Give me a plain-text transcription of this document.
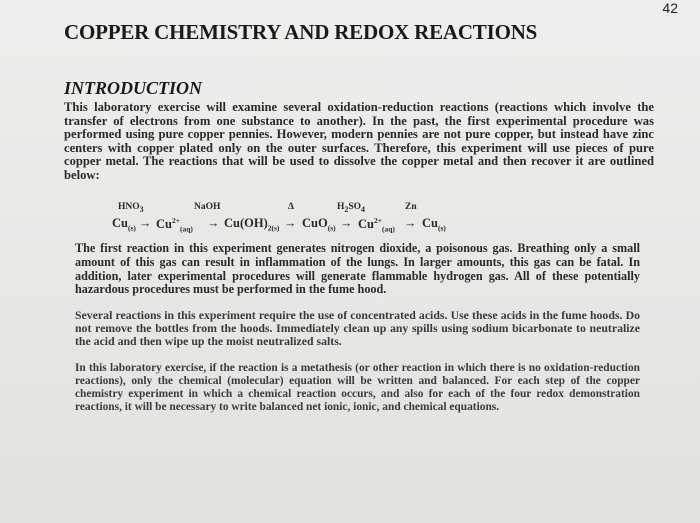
42
COPPER CHEMISTRY AND REDOX REACTIONS
INTRODUCTION
This laboratory exercise will examine several oxidation-reduction reactions (reactions which involve the transfer of electrons from one substance to another). In the past, the first experimental procedure was performed using pure copper pennies. However, modern pennies are not pure copper, but instead have zinc centers with copper plated only on the outer surfaces. Therefore, this experiment will use pieces of pure copper metal. The reactions that will be used to dissolve the copper metal and then recover it are outlined below:
$HNO_3$	NaOH	Δ	$H_2SO_4$	Zn
$Cu_{(s)} \to Cu^{2+}_{(aq)} \to Cu(OH)_{2(s)} \to CuO_{(s)} \to Cu^{2+}_{(aq)} \to Cu_{(s)}$
The first reaction in this experiment generates nitrogen dioxide, a poisonous gas. Breathing only a small amount of this gas can result in inflammation of the lungs. In larger amounts, this gas can be fatal. In addition, later experimental procedures will generate flammable hydrogen gas. All of these potentially hazardous procedures must be performed in the fume hood.
Several reactions in this experiment require the use of concentrated acids. Use these acids in the fume hoods. Do not remove the bottles from the hoods. Immediately clean up any spills using sodium bicarbonate to neutralize the acid and then wipe up the moist neutralized salts.
In this laboratory exercise, if the reaction is a metathesis (or other reaction in which there is no oxidation-reduction reactions), only the chemical (molecular) equation will be written and balanced. For each step of the copper chemistry experiment in which a chemical reaction occurs, and also for each of the four redox demonstration reactions, it will be necessary to write balanced net ionic, ionic, and chemical equations.
